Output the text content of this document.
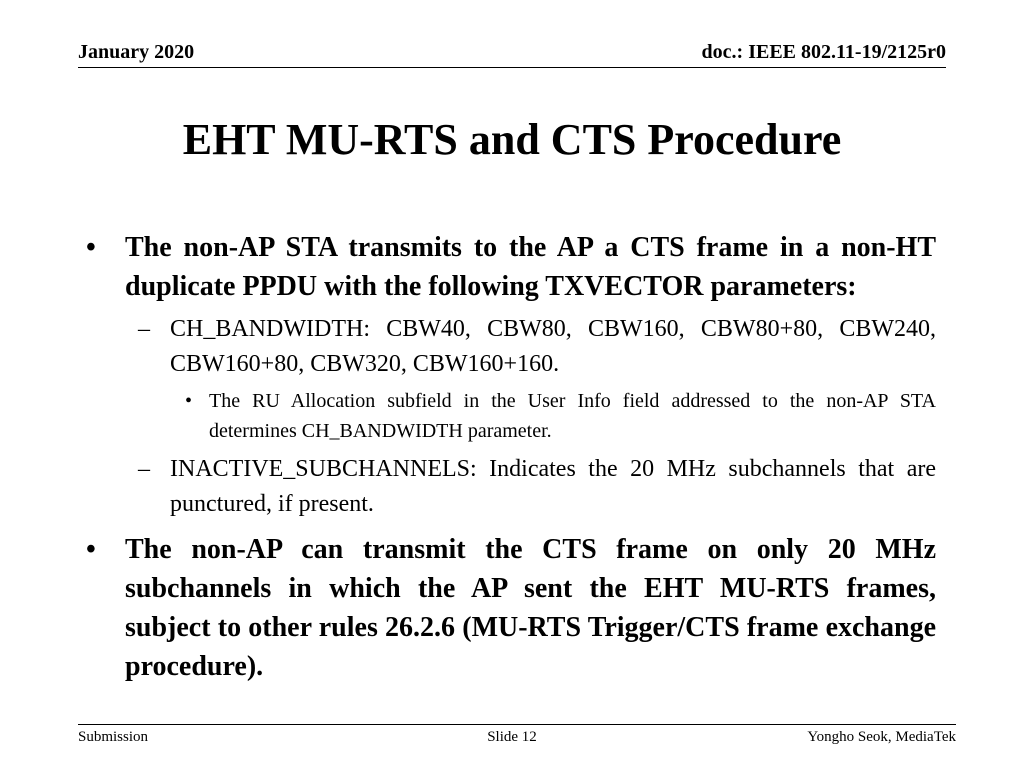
January 2020	doc.: IEEE 802.11-19/2125r0
EHT MU-RTS and CTS Procedure
• The non-AP STA transmits to the AP a CTS frame in a non-HT duplicate PPDU with the following TXVECTOR parameters:
– CH_BANDWIDTH: CBW40, CBW80, CBW160, CBW80+80, CBW240, CBW160+80, CBW320, CBW160+160.
• The RU Allocation subfield in the User Info field addressed to the non-AP STA determines CH_BANDWIDTH parameter.
– INACTIVE_SUBCHANNELS: Indicates the 20 MHz subchannels that are punctured, if present.
• The non-AP can transmit the CTS frame on only 20 MHz subchannels in which the AP sent the EHT MU-RTS frames, subject to other rules 26.2.6 (MU-RTS Trigger/CTS frame exchange procedure).
Submission	Slide 12	Yongho Seok, MediaTek
